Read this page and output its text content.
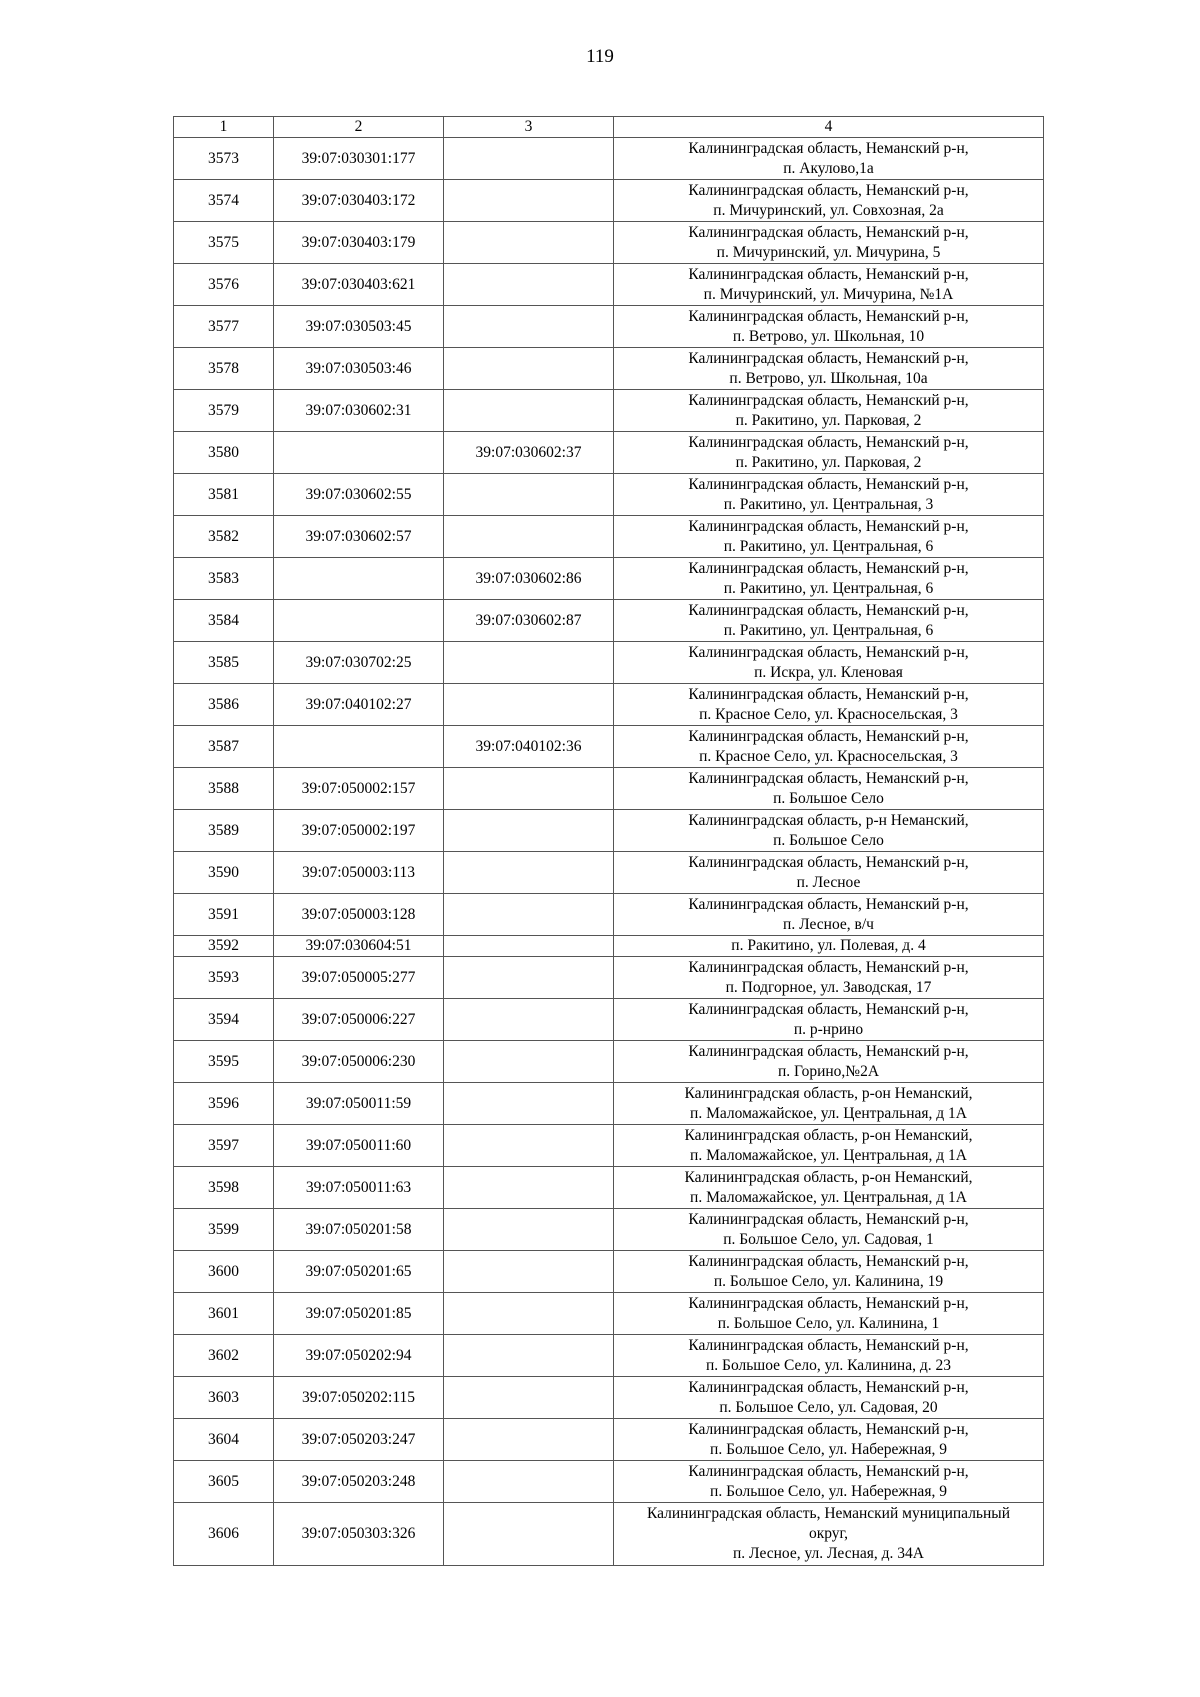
119
1	2	3	4
3573	39:07:030301:177		Калининградская область, Неманский р-н,
п. Акулово,1а

3574	39:07:030403:172		Калининградская область, Неманский р-н,
п. Мичуринский, ул. Совхозная, 2а

3575	39:07:030403:179		Калининградская область, Неманский р-н,
п. Мичуринский, ул. Мичурина, 5

3576	39:07:030403:621		Калининградская область, Неманский р-н,
п. Мичуринский, ул. Мичурина, №1А

3577	39:07:030503:45		Калининградская область, Неманский р-н,
п. Ветрово, ул. Школьная, 10

3578	39:07:030503:46		Калининградская область, Неманский р-н,
п. Ветрово, ул. Школьная, 10а

3579	39:07:030602:31		Калининградская область, Неманский р-н,
п. Ракитино, ул. Парковая, 2

3580		39:07:030602:37	Калининградская область, Неманский р-н,
п. Ракитино, ул. Парковая, 2

3581	39:07:030602:55		Калининградская область, Неманский р-н,
п. Ракитино, ул. Центральная, 3

3582	39:07:030602:57		Калининградская область, Неманский р-н,
п. Ракитино, ул. Центральная, 6

3583		39:07:030602:86	Калининградская область, Неманский р-н,
п. Ракитино, ул. Центральная, 6

3584		39:07:030602:87	Калининградская область, Неманский р-н,
п. Ракитино, ул. Центральная, 6

3585	39:07:030702:25		Калининградская область, Неманский р-н,
п. Искра, ул. Кленовая

3586	39:07:040102:27		Калининградская область, Неманский р-н,
п. Красное Село, ул. Красносельская, 3

3587		39:07:040102:36	Калининградская область, Неманский р-н,
п. Красное Село, ул. Красносельская, 3

3588	39:07:050002:157		Калининградская область, Неманский р-н,
п. Большое Село

3589	39:07:050002:197		Калининградская область, р-н Неманский,
п. Большое Село

3590	39:07:050003:113		Калининградская область, Неманский р-н,
п. Лесное

3591	39:07:050003:128		Калининградская область, Неманский р-н,
п. Лесное, в/ч

3592	39:07:030604:51		п. Ракитино, ул. Полевая, д. 4

3593	39:07:050005:277		Калининградская область, Неманский р-н,
п. Подгорное, ул. Заводская, 17

3594	39:07:050006:227		Калининградская область, Неманский р-н,
п. р-нрино

3595	39:07:050006:230		Калининградская область, Неманский р-н,
п. Горино,№2А

3596	39:07:050011:59		Калининградская область, р-он Неманский,
п. Маломажайское, ул. Центральная, д 1А

3597	39:07:050011:60		Калининградская область, р-он Неманский,
п. Маломажайское, ул. Центральная, д 1А

3598	39:07:050011:63		Калининградская область, р-он Неманский,
п. Маломажайское, ул. Центральная, д 1А

3599	39:07:050201:58		Калининградская область, Неманский р-н,
п. Большое Село, ул. Садовая, 1

3600	39:07:050201:65		Калининградская область, Неманский р-н,
п. Большое Село, ул. Калинина, 19

3601	39:07:050201:85		Калининградская область, Неманский р-н,
п. Большое Село, ул. Калинина, 1

3602	39:07:050202:94		Калининградская область, Неманский р-н,
п. Большое Село, ул. Калинина, д. 23

3603	39:07:050202:115		Калининградская область, Неманский р-н,
п. Большое Село, ул. Садовая, 20

3604	39:07:050203:247		Калининградская область, Неманский р-н,
п. Большое Село, ул. Набережная, 9

3605	39:07:050203:248		Калининградская область, Неманский р-н,
п. Большое Село, ул. Набережная, 9

3606	39:07:050303:326		Калининградская область, Неманский муниципальный
округ,
п. Лесное, ул. Лесная, д. 34А
